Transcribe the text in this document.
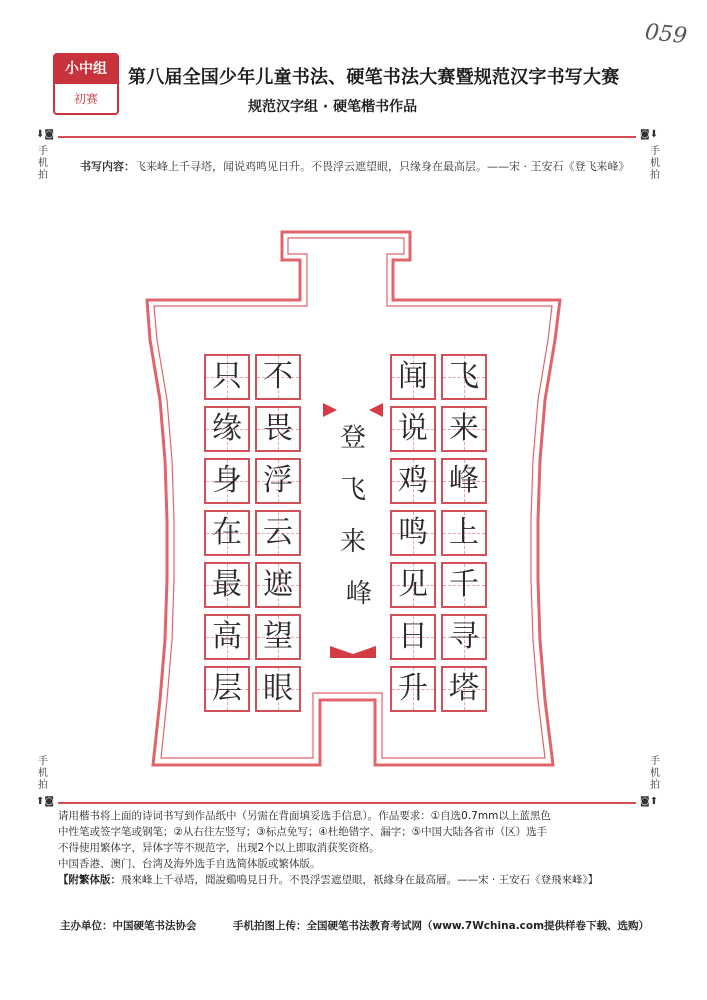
059
小中组
初赛
第八届全国少年儿童书法、硬笔书法大赛暨规范汉字书写大赛
规范汉字组 · 硬笔楷书作品
⬇◙	◙⬇
手机拍
手机拍
书写内容：飞来峰上千寻塔，闻说鸡鸣见日升。不畏浮云遮望眼，只缘身在最高层。——宋 · 王安石《登飞来峰》
飞
来
峰
上
千
寻
塔
闻
说
鸡
鸣
见
日
升
不
畏
浮
云
遮
望
眼
只
缘
身
在
最
高
层
登
飞
来
峰
手机拍
手机拍
⬆◙	◙⬆
请用楷书将上面的诗词书写到作品纸中（另需在背面填妥选手信息）。作品要求：①自选0.7mm以上蓝黑色
中性笔或签字笔或钢笔；②从右往左竖写；③标点免写；④杜绝错字、漏字；⑤中国大陆各省市（区）选手
不得使用繁体字，异体字等不规范字，出现2个以上即取消获奖资格。
中国香港、澳门、台湾及海外选手自选简体版或繁体版。
【附繁体版：飛來峰上千尋塔，聞說鷄鳴見日升。不畏浮雲遮望眼，祇緣身在最高層。——宋 · 王安石《登飛來峰》】
主办单位：中国硬笔书法协会	手机拍图上传：全国硬笔书法教育考试网（www.7Wchina.com提供样卷下载、选购）
